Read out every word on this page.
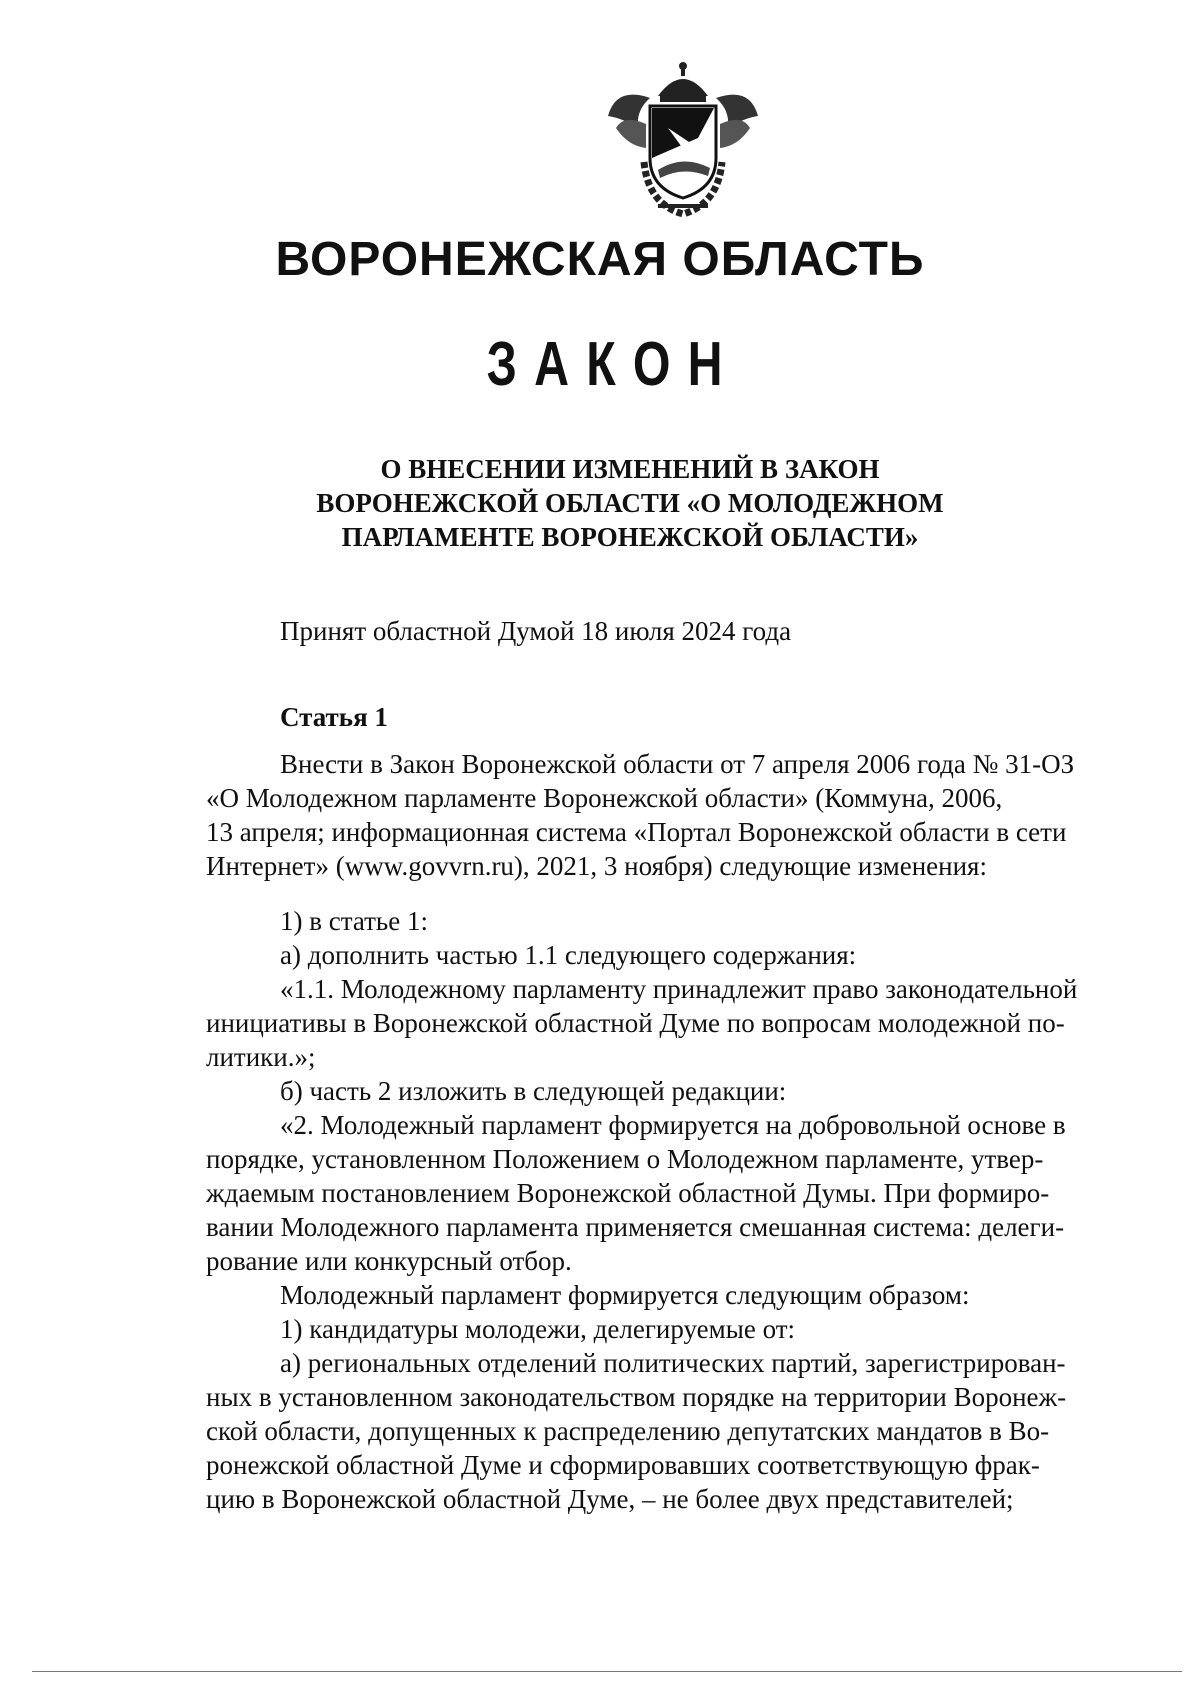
ВОРОНЕЖСКАЯ ОБЛАСТЬ
ЗАКОН
О ВНЕСЕНИИ ИЗМЕНЕНИЙ В ЗАКОН
ВОРОНЕЖСКОЙ ОБЛАСТИ «О МОЛОДЕЖНОМ
ПАРЛАМЕНТЕ ВОРОНЕЖСКОЙ ОБЛАСТИ»
Принят областной Думой 18 июля 2024 года
Статья 1
Внести в Закон Воронежской области от 7 апреля 2006 года № 31-ОЗ
«О Молодежном парламенте Воронежской области» (Коммуна, 2006,
13 апреля; информационная система «Портал Воронежской области в сети
Интернет» (www.govvrn.ru), 2021, 3 ноября) следующие изменения:
1) в статье 1:
а) дополнить частью 1.1 следующего содержания:
«1.1. Молодежному парламенту принадлежит право законодательной
инициативы в Воронежской областной Думе по вопросам молодежной по-
литики.»;
б) часть 2 изложить в следующей редакции:
«2. Молодежный парламент формируется на добровольной основе в
порядке, установленном Положением о Молодежном парламенте, утвер-
ждаемым постановлением Воронежской областной Думы. При формиро-
вании Молодежного парламента применяется смешанная система: делеги-
рование или конкурсный отбор.
Молодежный парламент формируется следующим образом:
1) кандидатуры молодежи, делегируемые от:
а) региональных отделений политических партий, зарегистрирован-
ных в установленном законодательством порядке на территории Воронеж-
ской области, допущенных к распределению депутатских мандатов в Во-
ронежской областной Думе и сформировавших соответствующую фрак-
цию в Воронежской областной Думе, – не более двух представителей;
